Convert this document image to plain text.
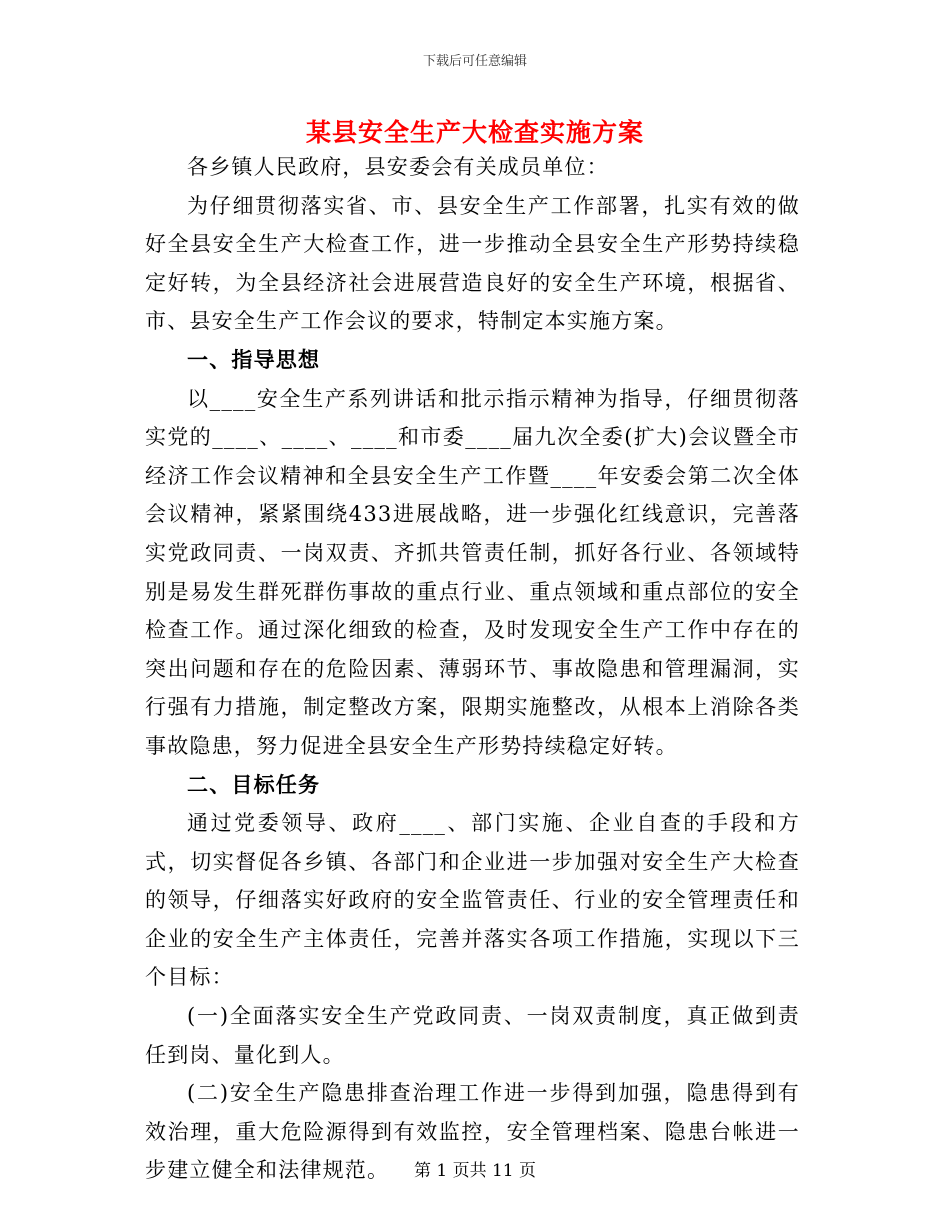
下载后可任意编辑
某县安全生产大检查实施方案

各乡镇人民政府，县安委会有关成员单位：

为仔细贯彻落实省、市、县安全生产工作部署，扎实有效的做好全县安全生产大检查工作，进一步推动全县安全生产形势持续稳定好转，为全县经济社会进展营造良好的安全生产环境，根据省、市、县安全生产工作会议的要求，特制定本实施方案。

一、指导思想

以____安全生产系列讲话和批示指示精神为指导，仔细贯彻落实党的____、____、____和市委____届九次全委(扩大)会议暨全市经济工作会议精神和全县安全生产工作暨____年安委会第二次全体会议精神，紧紧围绕433进展战略，进一步强化红线意识，完善落实党政同责、一岗双责、齐抓共管责任制，抓好各行业、各领域特别是易发生群死群伤事故的重点行业、重点领域和重点部位的安全检查工作。通过深化细致的检查，及时发现安全生产工作中存在的突出问题和存在的危险因素、薄弱环节、事故隐患和管理漏洞，实行强有力措施，制定整改方案，限期实施整改，从根本上消除各类事故隐患，努力促进全县安全生产形势持续稳定好转。

二、目标任务

通过党委领导、政府____、部门实施、企业自查的手段和方式，切实督促各乡镇、各部门和企业进一步加强对安全生产大检查的领导，仔细落实好政府的安全监管责任、行业的安全管理责任和企业的安全生产主体责任，完善并落实各项工作措施，实现以下三个目标：

(一)全面落实安全生产党政同责、一岗双责制度，真正做到责任到岗、量化到人。

(二)安全生产隐患排查治理工作进一步得到加强，隐患得到有效治理，重大危险源得到有效监控，安全管理档案、隐患台帐进一步建立健全和法律规范。	第 1 页共 11 页
